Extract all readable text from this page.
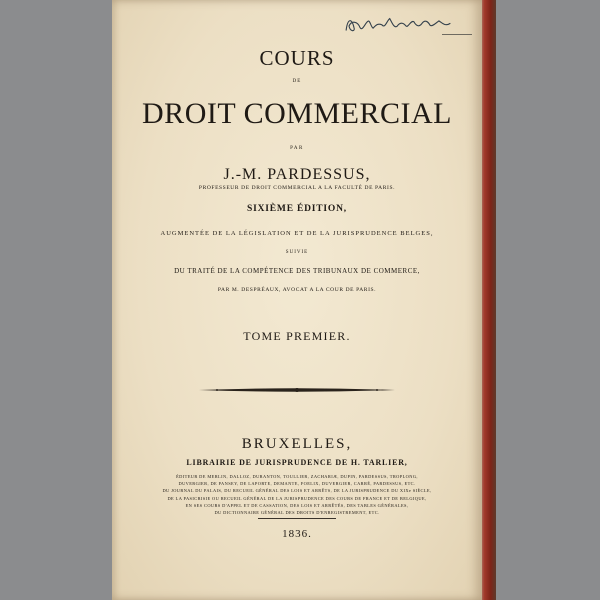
COURS
DE
DROIT COMMERCIAL
PAR
J.-M. PARDESSUS,
PROFESSEUR DE DROIT COMMERCIAL A LA FACULTÉ DE PARIS.
SIXIÈME ÉDITION,
AUGMENTÉE DE LA LÉGISLATION ET DE LA JURISPRUDENCE BELGES,
SUIVIE
DU TRAITÉ DE LA COMPÉTENCE DES TRIBUNAUX DE COMMERCE,
PAR M. DESPRÉAUX, AVOCAT A LA COUR DE PARIS.
TOME PREMIER.
BRUXELLES,
LIBRAIRIE DE JURISPRUDENCE DE H. TARLIER,
ÉDITEUR DE MERLIN, DALLOZ, DURANTON, TOULLIER, ZACHARIÆ, DUPIN, PARDESSUS, TROPLONG,
DUVERGIER, DE PANSEY, DE LAPORTE, DEMANTE, FOELIX, DUVERGIER, CARRÉ, PARDESSUS, ETC.
DU JOURNAL DU PALAIS, DU RECUEIL GÉNÉRAL DES LOIS ET ARRÊTS, DE LA JURISPRUDENCE DU XIXe SIÈCLE,
DE LA PASICRISIE OU RECUEIL GÉNÉRAL DE LA JURISPRUDENCE DES COURS DE FRANCE ET DE BELGIQUE,
EN SES COURS D'APPEL ET DE CASSATION, DES LOIS ET ARRÊTÉS, DES TABLES GÉNÉRALES,
DU DICTIONNAIRE GÉNÉRAL DES DROITS D'ENREGISTREMENT, ETC.
1836.
